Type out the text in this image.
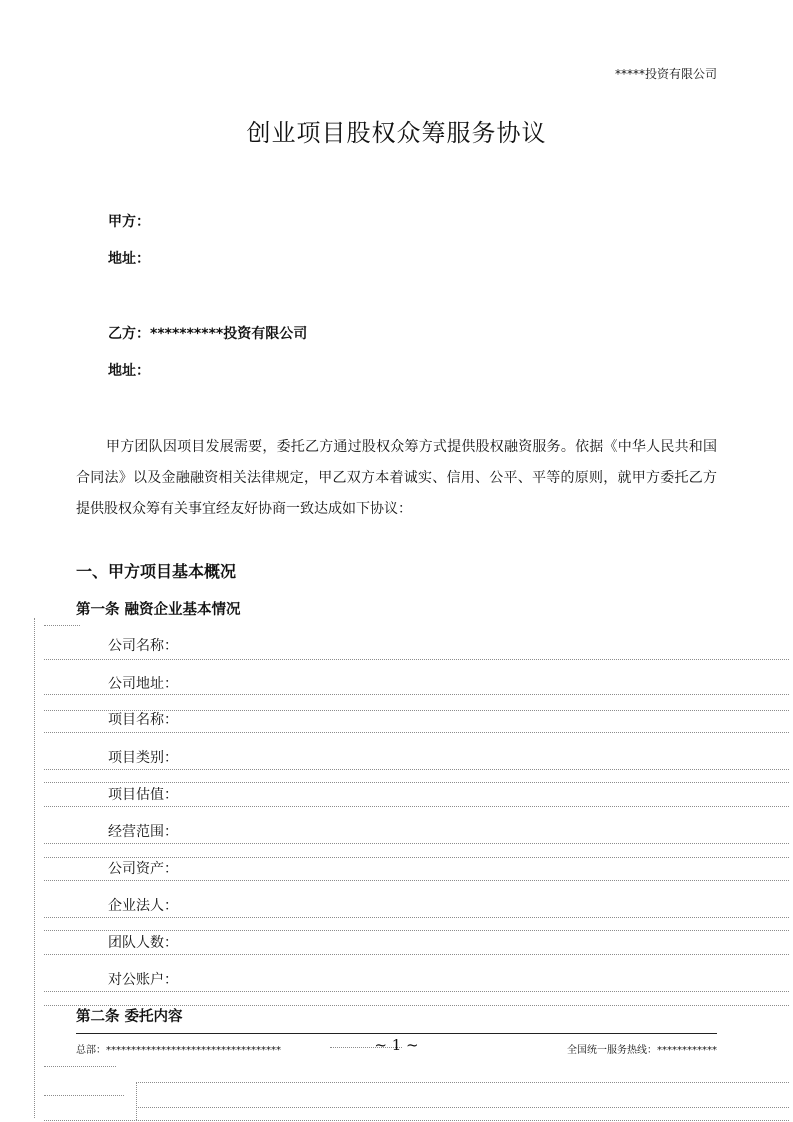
*****投资有限公司
创业项目股权众筹服务协议
甲方：
地址：
乙方：**********投资有限公司
地址：
甲方团队因项目发展需要，委托乙方通过股权众筹方式提供股权融资服务。依据《中华人民共和国合同法》以及金融融资相关法律规定，甲乙双方本着诚实、信用、公平、平等的原则，就甲方委托乙方提供股权众筹有关事宜经友好协商一致达成如下协议：
一、甲方项目基本概况
第一条 融资企业基本情况
公司名称：
公司地址：
项目名称：
项目类别：
项目估值：
经营范围：
公司资产：
企业法人：
团队人数：
对公账户：
第二条 委托内容
总部：***********************************	~ 1 ~	全国统一服务热线：************
